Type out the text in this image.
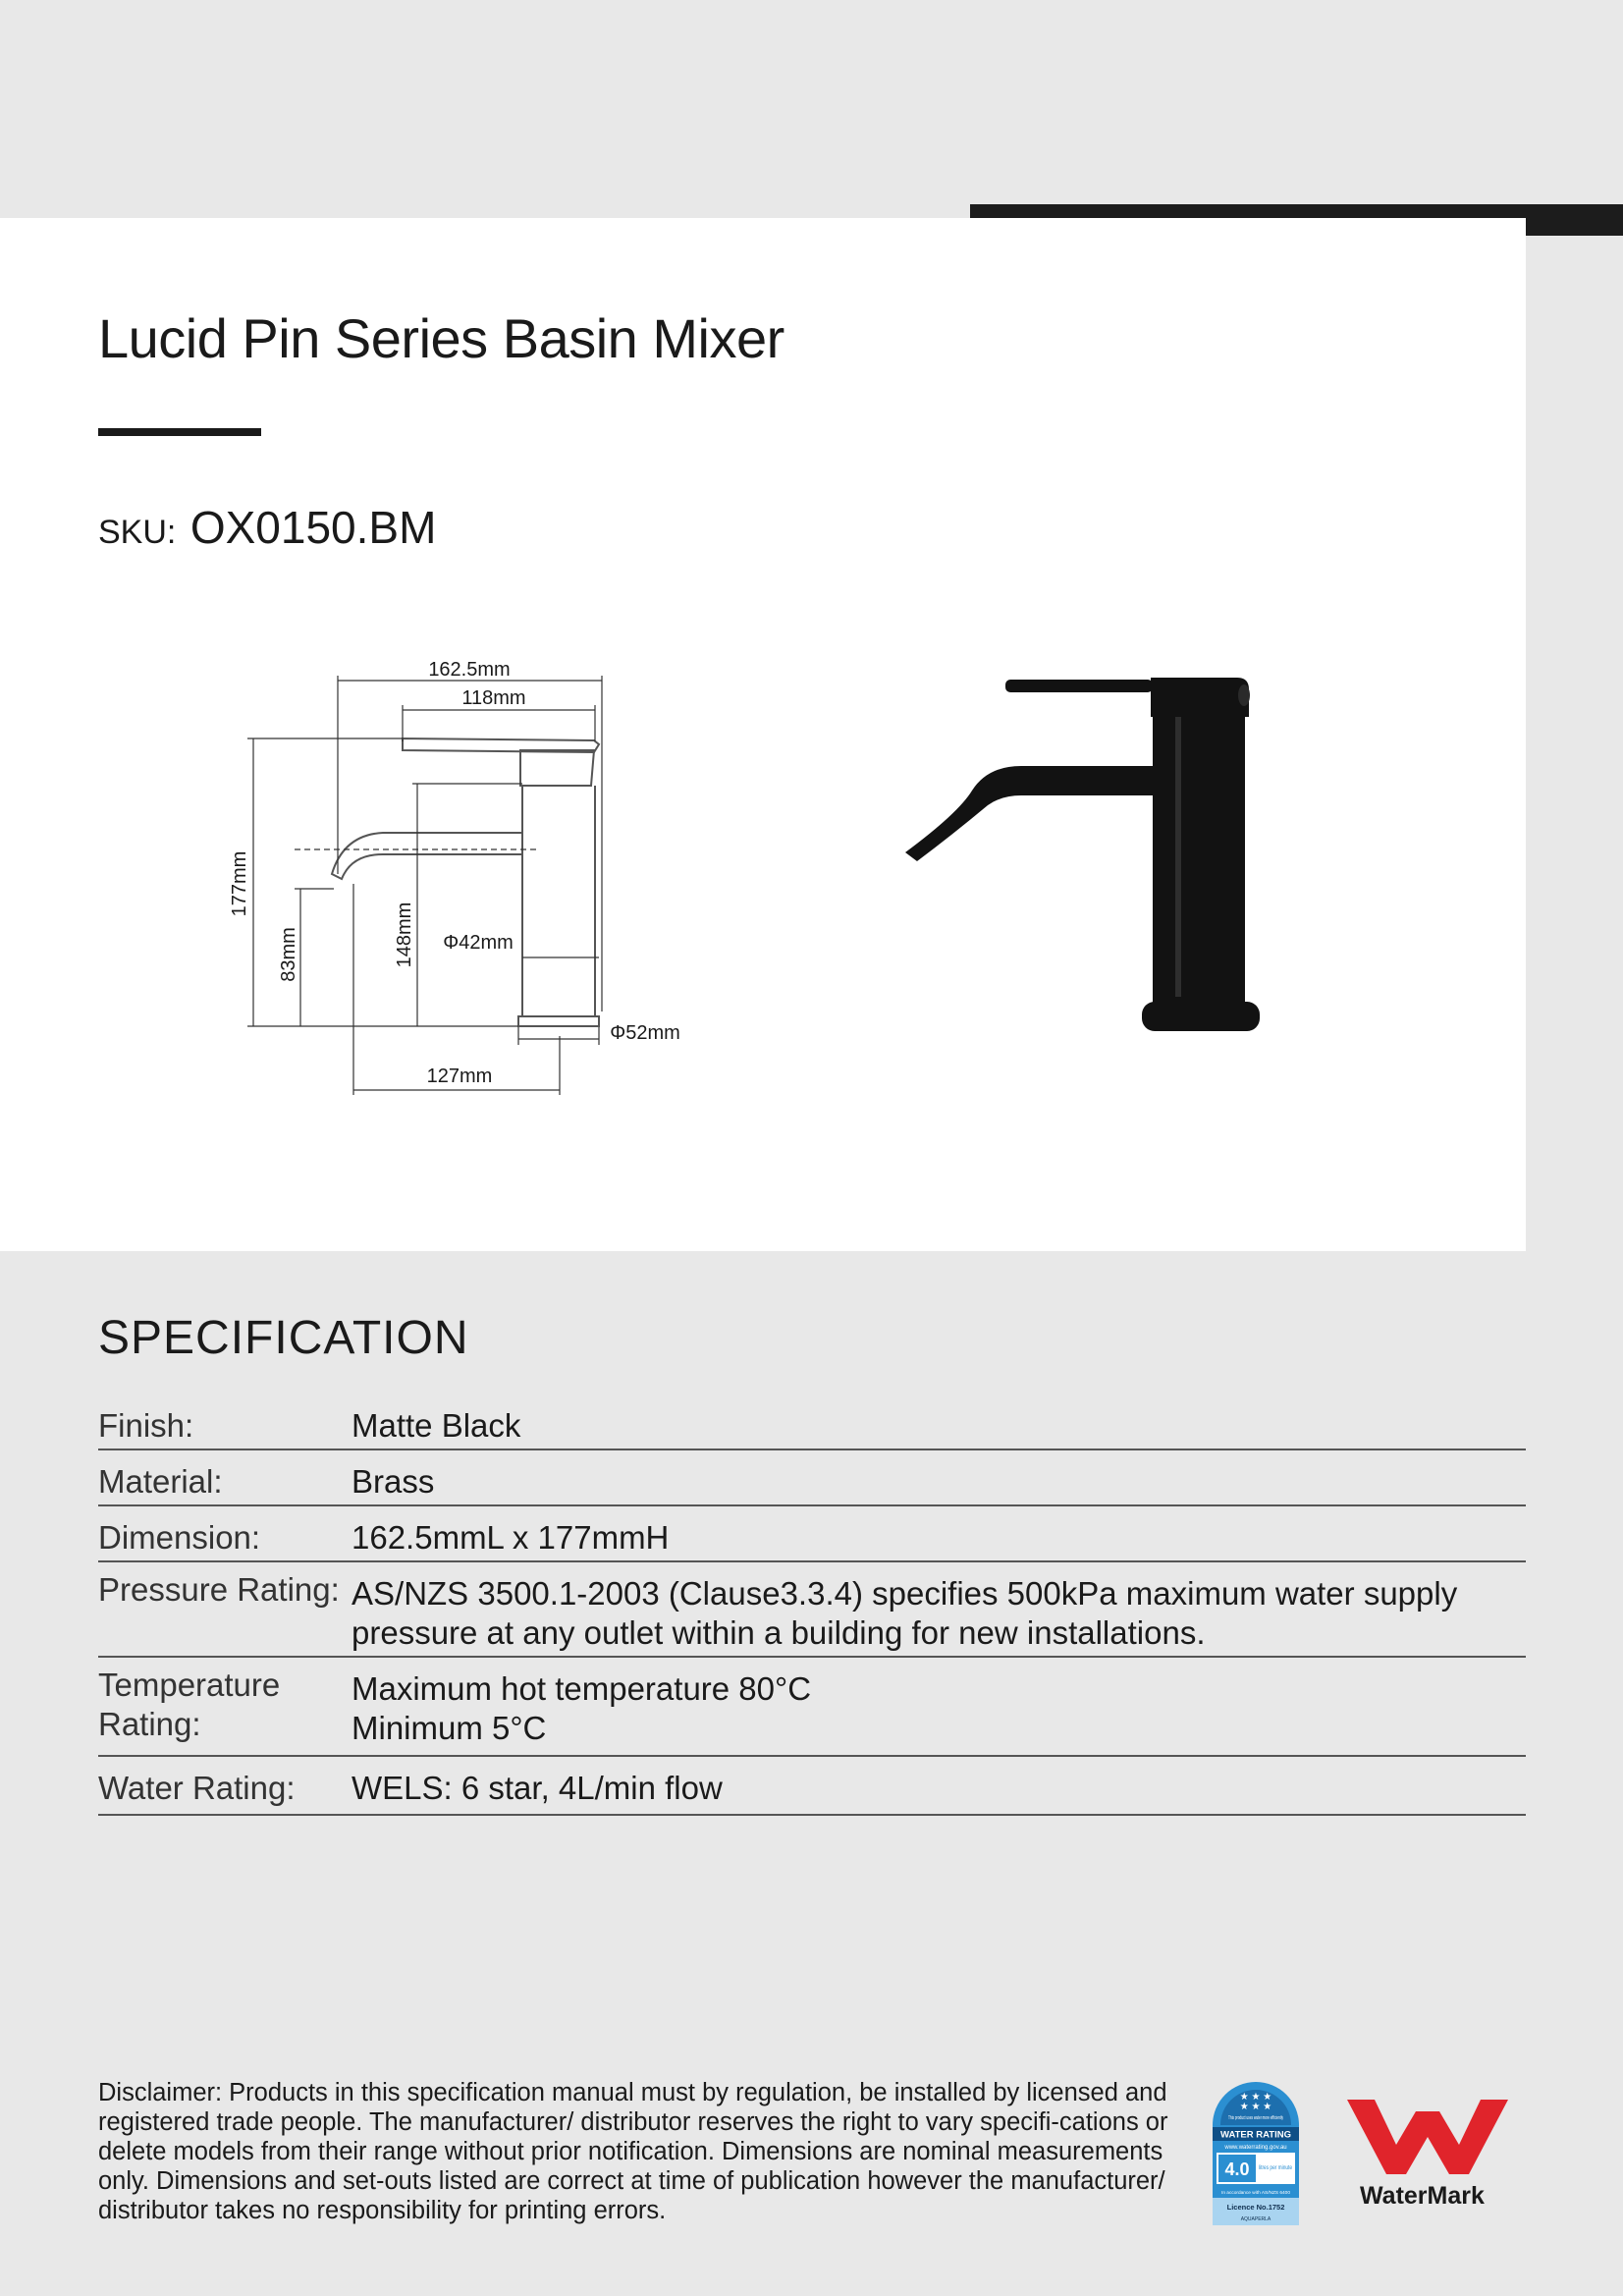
Lucid Pin Series Basin Mixer
SKU: OX0150.BM
162.5mm
118mm
177mm
83mm	148mm Φ42mm
Φ52mm
127mm
SPECIFICATION
Finish:	Matte Black
Material:	Brass
Dimension:	162.5mmL x 177mmH
Pressure Rating: AS/NZS 3500.1-2003 (Clause3.3.4) specifies 500kPa maximum water supply pressure at any outlet within a building for new installations.
Temperature Rating:
Maximum hot temperature 80°C
Minimum 5°C
Water Rating:	WELS: 6 star, 4L/min flow

Disclaimer: Products in this specification manual must by regulation, be installed by licensed and registered trade people. The manufacturer/ distributor reserves the right to vary specifi-cations or delete models from their range without prior notification. Dimensions are nominal measurements only. Dimensions and set-outs listed are correct at time of publication however the manufacturer/ distributor takes no responsibility for printing errors.

★ ★ ★
★ ★ ★
This product uses water more efficiently
WATER RATING
www.waterrating.gov.au
4.0 litres per minute
In accordance with AS/NZS 6400
Licence No.1752
AQUAPERLA
WaterMark
